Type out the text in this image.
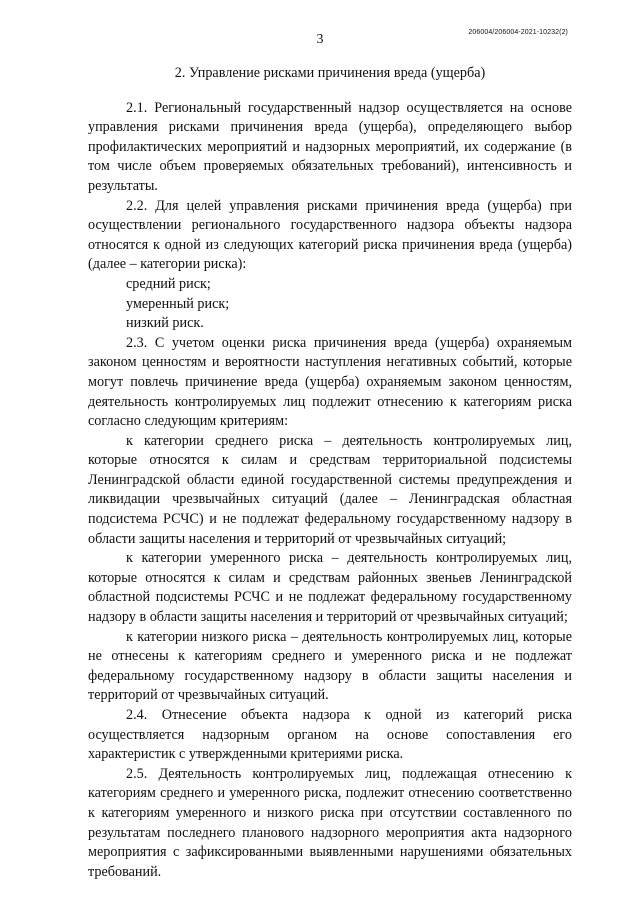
3	206004/206004-2021-10232(2)
2. Управление рисками причинения вреда (ущерба)

2.1. Региональный государственный надзор осуществляется на основе управления рисками причинения вреда (ущерба), определяющего выбор профилактических мероприятий и надзорных мероприятий, их содержание (в том числе объем проверяемых обязательных требований), интенсивность и результаты.

2.2. Для целей управления рисками причинения вреда (ущерба) при осуществлении регионального государственного надзора объекты надзора относятся к одной из следующих категорий риска причинения вреда (ущерба) (далее – категории риска):

средний риск;

умеренный риск;

низкий риск.

2.3. С учетом оценки риска причинения вреда (ущерба) охраняемым законом ценностям и вероятности наступления негативных событий, которые могут повлечь причинение вреда (ущерба) охраняемым законом ценностям, деятельность контролируемых лиц подлежит отнесению к категориям риска согласно следующим критериям:

к категории среднего риска – деятельность контролируемых лиц, которые относятся к силам и средствам территориальной подсистемы Ленинградской области единой государственной системы предупреждения и ликвидации чрезвычайных ситуаций (далее – Ленинградская областная подсистема РСЧС) и не подлежат федеральному государственному надзору в области защиты населения и территорий от чрезвычайных ситуаций;

к категории умеренного риска – деятельность контролируемых лиц, которые относятся к силам и средствам районных звеньев Ленинградской областной подсистемы РСЧС и не подлежат федеральному государственному надзору в области защиты населения и территорий от чрезвычайных ситуаций;

к категории низкого риска – деятельность контролируемых лиц, которые не отнесены к категориям среднего и умеренного риска и не подлежат федеральному государственному надзору в области защиты населения и территорий от чрезвычайных ситуаций.

2.4. Отнесение объекта надзора к одной из категорий риска осуществляется надзорным органом на основе сопоставления его характеристик с утвержденными критериями риска.

2.5. Деятельность контролируемых лиц, подлежащая отнесению к категориям среднего и умеренного риска, подлежит отнесению соответственно к категориям умеренного и низкого риска при отсутствии составленного по результатам последнего планового надзорного мероприятия акта надзорного мероприятия с зафиксированными выявленными нарушениями обязательных требований.
